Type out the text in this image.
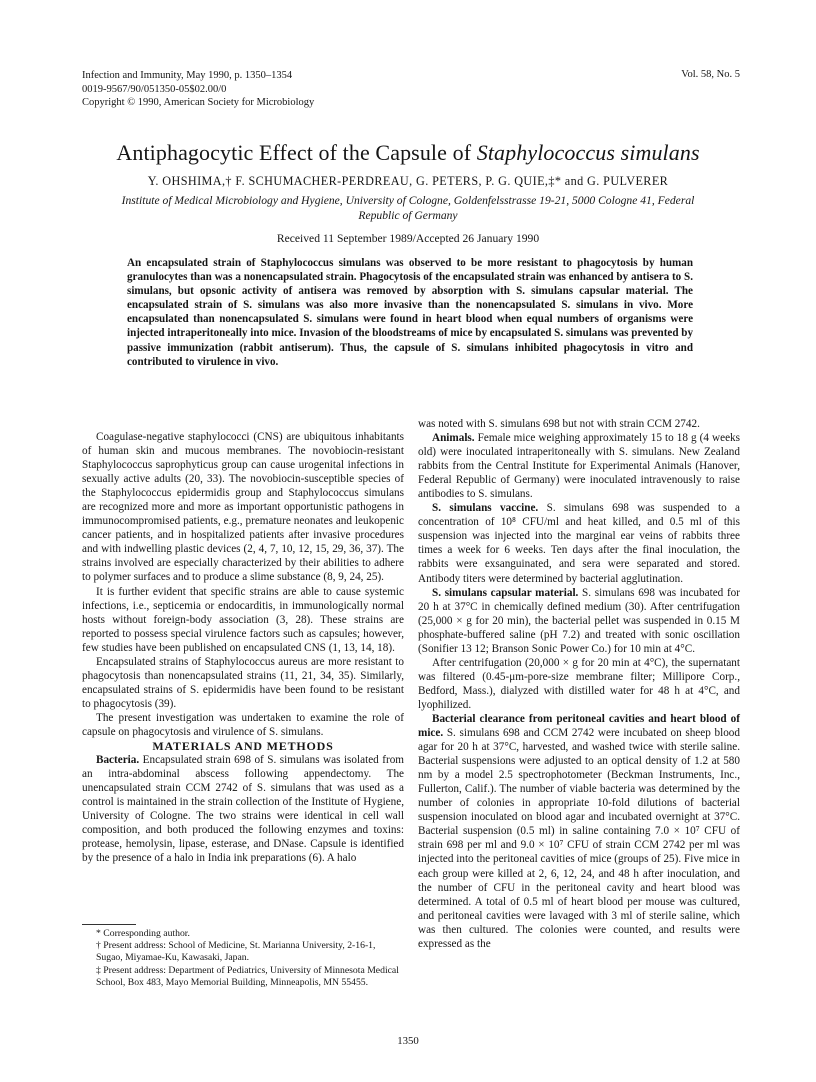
Infection and Immunity, May 1990, p. 1350–1354
0019-9567/90/051350-05$02.00/0
Copyright © 1990, American Society for Microbiology
Vol. 58, No. 5
Antiphagocytic Effect of the Capsule of Staphylococcus simulans
Y. OHSHIMA,† F. SCHUMACHER-PERDREAU, G. PETERS, P. G. QUIE,‡* and G. PULVERER
Institute of Medical Microbiology and Hygiene, University of Cologne, Goldenfelsstrasse 19-21, 5000 Cologne 41, Federal Republic of Germany
Received 11 September 1989/Accepted 26 January 1990
An encapsulated strain of Staphylococcus simulans was observed to be more resistant to phagocytosis by human granulocytes than was a nonencapsulated strain. Phagocytosis of the encapsulated strain was enhanced by antisera to S. simulans, but opsonic activity of antisera was removed by absorption with S. simulans capsular material. The encapsulated strain of S. simulans was also more invasive than the nonencapsulated S. simulans in vivo. More encapsulated than nonencapsulated S. simulans were found in heart blood when equal numbers of organisms were injected intraperitoneally into mice. Invasion of the bloodstreams of mice by encapsulated S. simulans was prevented by passive immunization (rabbit antiserum). Thus, the capsule of S. simulans inhibited phagocytosis in vitro and contributed to virulence in vivo.

Coagulase-negative staphylococci (CNS) are ubiquitous inhabitants of human skin and mucous membranes. The novobiocin-resistant Staphylococcus saprophyticus group can cause urogenital infections in sexually active adults (20, 33). The novobiocin-susceptible species of the Staphylococcus epidermidis group and Staphylococcus simulans are recognized more and more as important opportunistic pathogens in immunocompromised patients, e.g., premature neonates and leukopenic cancer patients, and in hospitalized patients after invasive procedures and with indwelling plastic devices (2, 4, 7, 10, 12, 15, 29, 36, 37). The strains involved are especially characterized by their abilities to adhere to polymer surfaces and to produce a slime substance (8, 9, 24, 25).

It is further evident that specific strains are able to cause systemic infections, i.e., septicemia or endocarditis, in immunologically normal hosts without foreign-body association (3, 28). These strains are reported to possess special virulence factors such as capsules; however, few studies have been published on encapsulated CNS (1, 13, 14, 18).

Encapsulated strains of Staphylococcus aureus are more resistant to phagocytosis than nonencapsulated strains (11, 21, 34, 35). Similarly, encapsulated strains of S. epidermidis have been found to be resistant to phagocytosis (39).

The present investigation was undertaken to examine the role of capsule on phagocytosis and virulence of S. simulans.

MATERIALS AND METHODS

Bacteria. Encapsulated strain 698 of S. simulans was isolated from an intra-abdominal abscess following appendectomy. The unencapsulated strain CCM 2742 of S. simulans that was used as a control is maintained in the strain collection of the Institute of Hygiene, University of Cologne. The two strains were identical in cell wall composition, and both produced the following enzymes and toxins: protease, hemolysin, lipase, esterase, and DNase. Capsule is identified by the presence of a halo in India ink preparations (6). A halo

* Corresponding author.

† Present address: School of Medicine, St. Marianna University, 2-16-1, Sugao, Miyamae-Ku, Kawasaki, Japan.

‡ Present address: Department of Pediatrics, University of Minnesota Medical School, Box 483, Mayo Memorial Building, Minneapolis, MN 55455.

was noted with S. simulans 698 but not with strain CCM 2742.

Animals. Female mice weighing approximately 15 to 18 g (4 weeks old) were inoculated intraperitoneally with S. simulans. New Zealand rabbits from the Central Institute for Experimental Animals (Hanover, Federal Republic of Germany) were inoculated intravenously to raise antibodies to S. simulans.

S. simulans vaccine. S. simulans 698 was suspended to a concentration of 10⁸ CFU/ml and heat killed, and 0.5 ml of this suspension was injected into the marginal ear veins of rabbits three times a week for 6 weeks. Ten days after the final inoculation, the rabbits were exsanguinated, and sera were separated and stored. Antibody titers were determined by bacterial agglutination.

S. simulans capsular material. S. simulans 698 was incubated for 20 h at 37°C in chemically defined medium (30). After centrifugation (25,000 × g for 20 min), the bacterial pellet was suspended in 0.15 M phosphate-buffered saline (pH 7.2) and treated with sonic oscillation (Sonifier 13 12; Branson Sonic Power Co.) for 10 min at 4°C.

After centrifugation (20,000 × g for 20 min at 4°C), the supernatant was filtered (0.45-μm-pore-size membrane filter; Millipore Corp., Bedford, Mass.), dialyzed with distilled water for 48 h at 4°C, and lyophilized.

Bacterial clearance from peritoneal cavities and heart blood of mice. S. simulans 698 and CCM 2742 were incubated on sheep blood agar for 20 h at 37°C, harvested, and washed twice with sterile saline. Bacterial suspensions were adjusted to an optical density of 1.2 at 580 nm by a model 2.5 spectrophotometer (Beckman Instruments, Inc., Fullerton, Calif.). The number of viable bacteria was determined by the number of colonies in appropriate 10-fold dilutions of bacterial suspension inoculated on blood agar and incubated overnight at 37°C. Bacterial suspension (0.5 ml) in saline containing 7.0 × 10⁷ CFU of strain 698 per ml and 9.0 × 10⁷ CFU of strain CCM 2742 per ml was injected into the peritoneal cavities of mice (groups of 25). Five mice in each group were killed at 2, 6, 12, 24, and 48 h after inoculation, and the number of CFU in the peritoneal cavity and heart blood was determined. A total of 0.5 ml of heart blood per mouse was cultured, and peritoneal cavities were lavaged with 3 ml of sterile saline, which was then cultured. The colonies were counted, and results were expressed as the

1350
